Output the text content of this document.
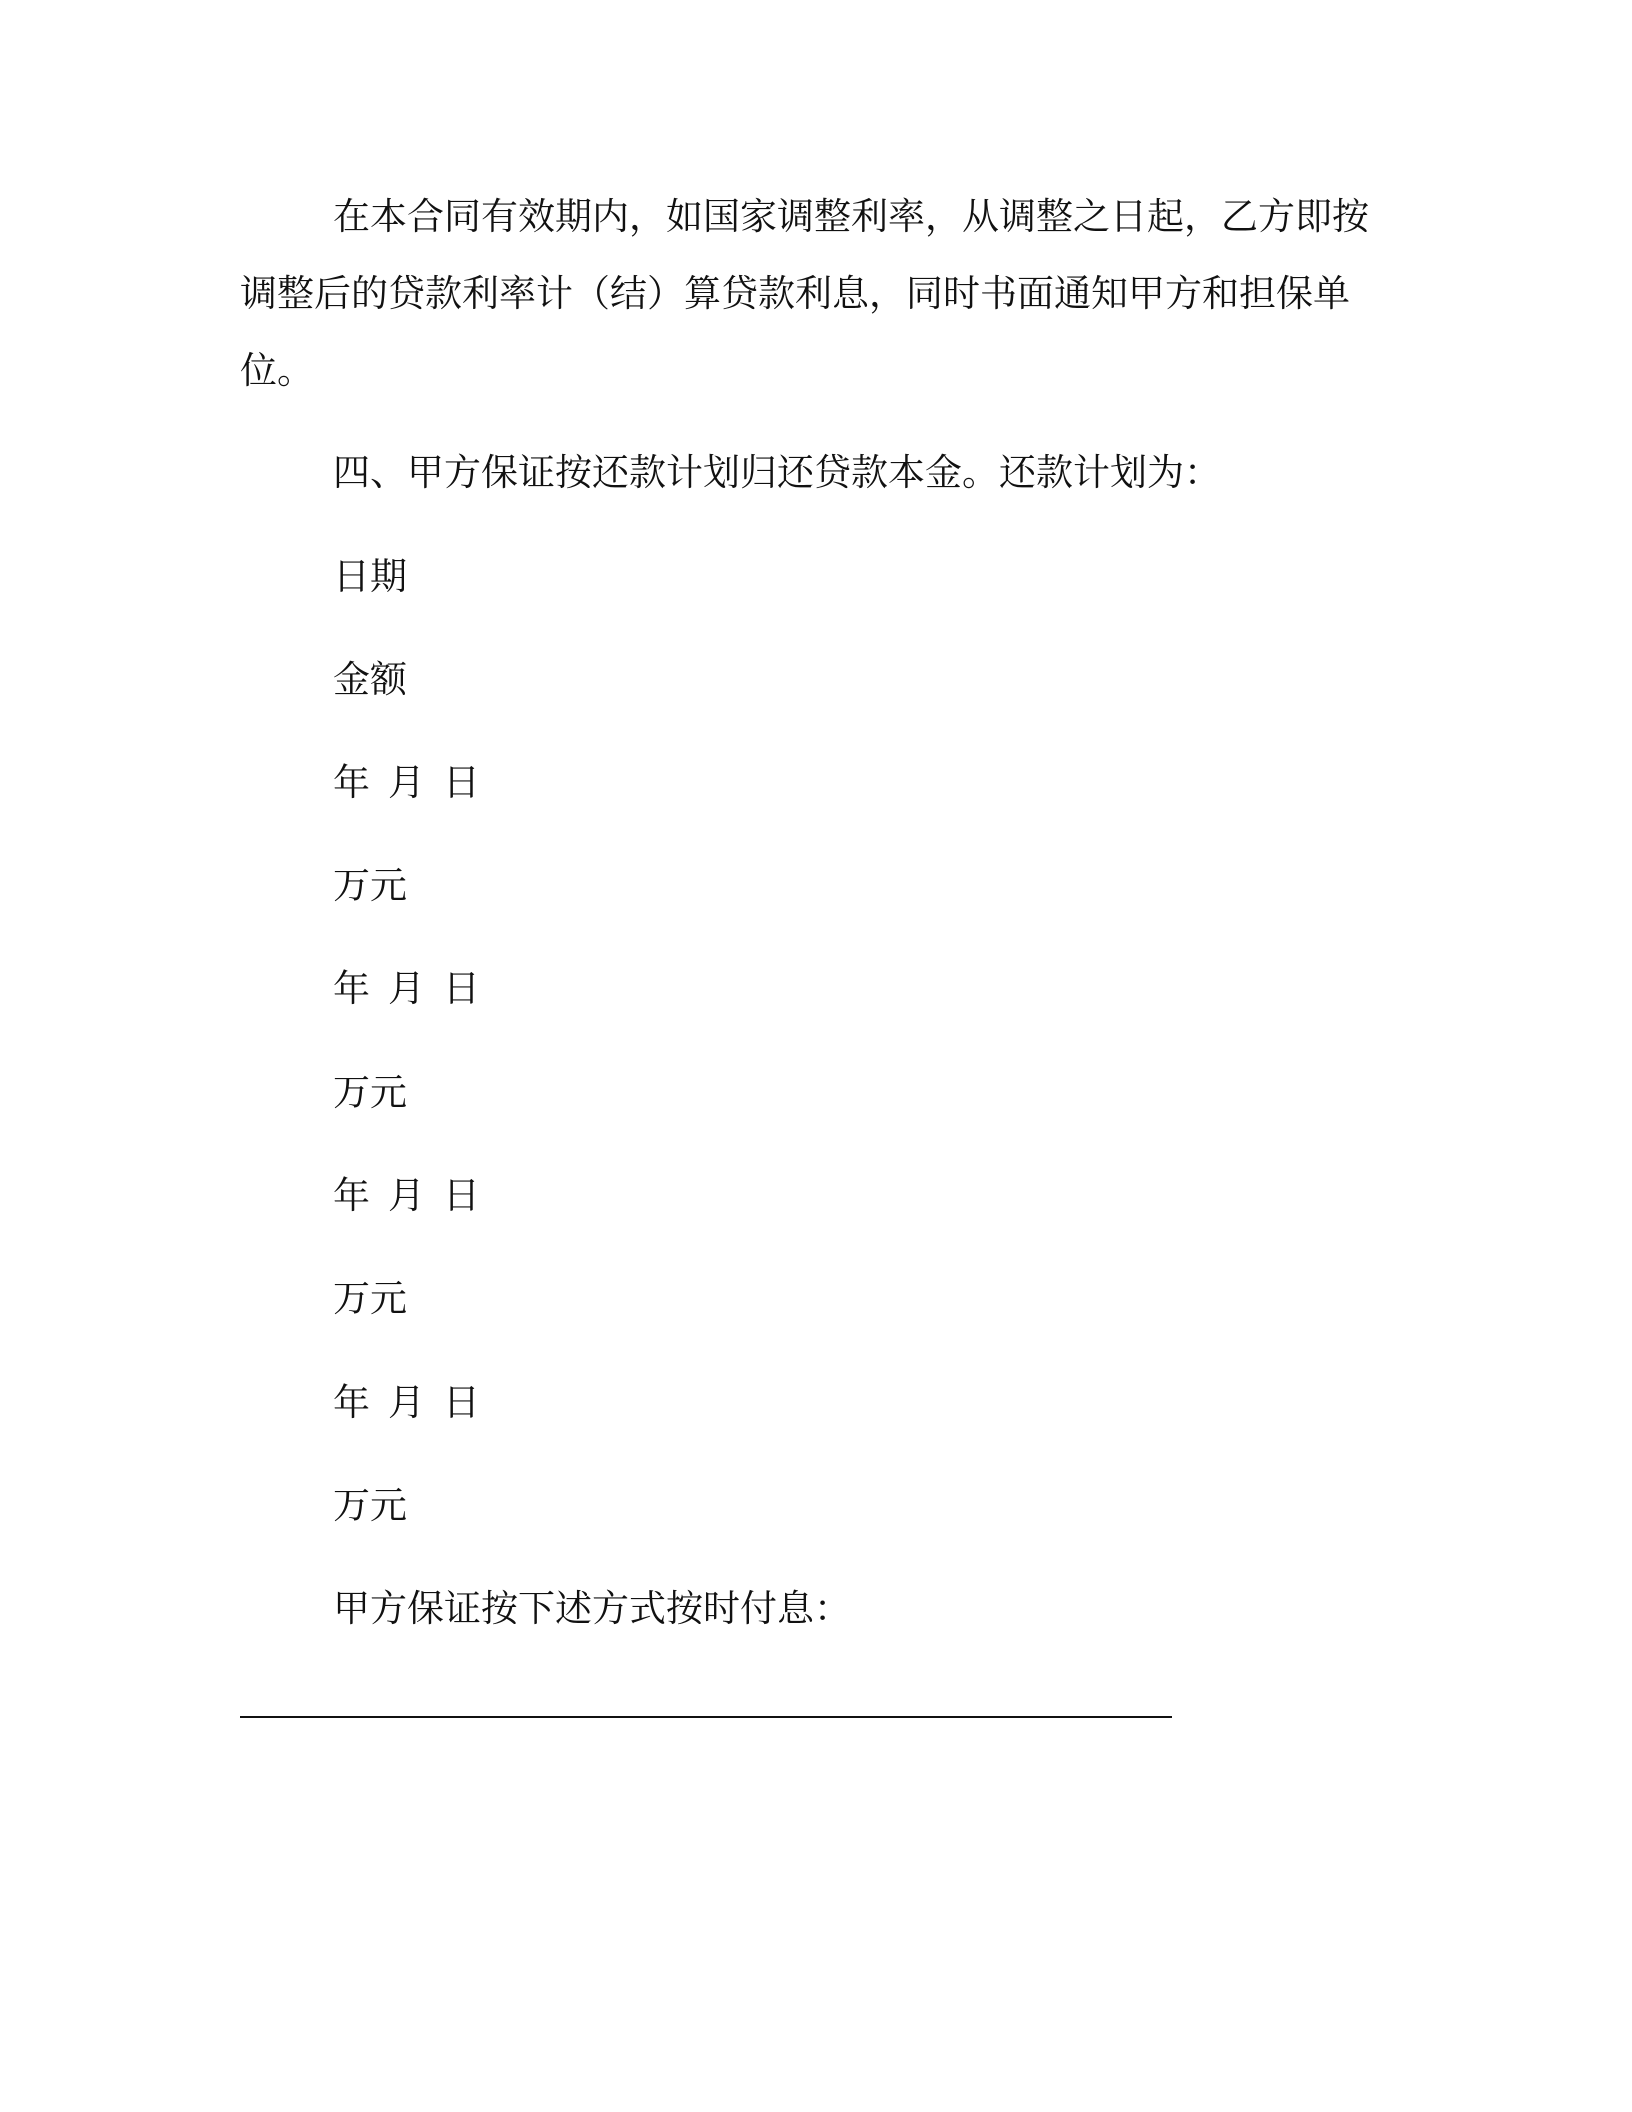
在本合同有效期内，如国家调整利率，从调整之日起，乙方即按
调整后的贷款利率计（结）算贷款利息，同时书面通知甲方和担保单
位。
四、甲方保证按还款计划归还贷款本金。还款计划为：
日期
金额
年 月 日
万元
年 月 日
万元
年 月 日
万元
年 月 日
万元
甲方保证按下述方式按时付息：
